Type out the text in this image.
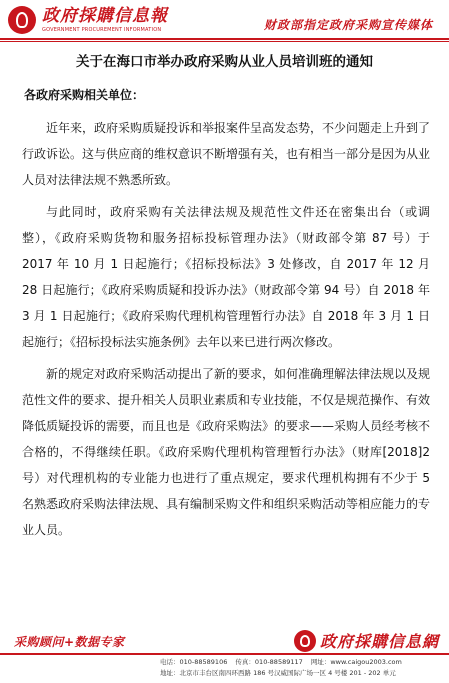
政府採購信息報
GOVERNMENT PROCUREMENT INFORMATION	财政部指定政府采购宣传媒体
关于在海口市举办政府采购从业人员培训班的通知
各政府采购相关单位：

近年来，政府采购质疑投诉和举报案件呈高发态势，不少问题走上升到了行政诉讼。这与供应商的维权意识不断增强有关，也有相当一部分是因为从业人员对法律法规不熟悉所致。

与此同时，政府采购有关法律法规及规范性文件还在密集出台（或调整），《政府采购货物和服务招标投标管理办法》（财政部令第 87 号）于 2017 年 10 月 1 日起施行；《招标投标法》3 处修改，自 2017 年 12 月 28 日起施行；《政府采购质疑和投诉办法》（财政部令第 94 号）自 2018 年 3 月 1 日起施行；《政府采购代理机构管理暂行办法》自 2018 年 3 月 1 日起施行；《招标投标法实施条例》去年以来已进行两次修改。

新的规定对政府采购活动提出了新的要求，如何准确理解法律法规以及规范性文件的要求、提升相关人员职业素质和专业技能，不仅是规范操作、有效降低质疑投诉的需要，而且也是《政府采购法》的要求——采购人员经考核不合格的，不得继续任职。《政府采购代理机构管理暂行办法》（财库[2018]2 号）对代理机构的专业能力也进行了重点规定，要求代理机构拥有不少于 5 名熟悉政府采购法律法规、具有编制采购文件和组织采购活动等相应能力的专业人员。

采购顾问+数据专家	政府採購信息網
电话：010-88589106 传真：010-88589117 网址：www.caigou2003.com
地址：北京市丰台区南四环西路 186 号汉威国际广场一区 4 号楼 201 - 202 单元
